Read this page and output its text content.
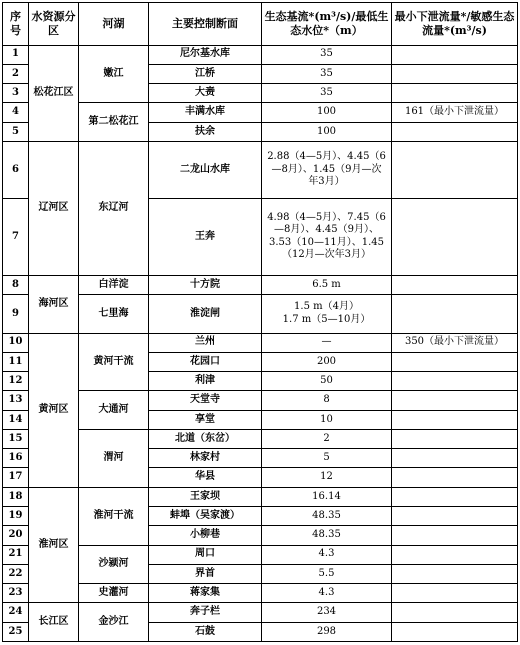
序号	水资源分区	河湖	主要控制断面	生态基流*(m³/s)/最低生态水位*（m）	最小下泄流量*/敏感生态流量*(m³/s)
1	松花江区	嫩江	尼尔基水库	35	
2			江桥	35	
3			大赉	35	
4		第二松花江	丰满水库	100	161（最小下泄流量）
5			扶余	100	
6	辽河区	东辽河	二龙山水库	2.88（4—5月）、4.45（6
—8月）、1.45（9月—次
年3月）	

7			王奔	4.98（4—5月）、7.45（6
—8月）、4.45（9月）、
3.53（10—11月）、1.45
（12月—次年3月）	

8	海河区	白洋淀	十方院	6.5 m	
9		七里海	淮淀闸	1.5 m（4月）
1.7 m（5—10月）	

10	黄河区	黄河干流	兰州	—	350（最小下泄流量）
11			花园口	200	
12			利津	50	
13		大通河	天堂寺	8	
14			享堂	10	
15		渭河	北道（东岔）	2	
16			林家村	5	
17			华县	12	
18	淮河区	淮河干流	王家坝	16.14	
19			蚌埠（吴家渡）	48.35	
20			小柳巷	48.35	
21		沙颍河	周口	4.3	
22			界首	5.5	
23		史灌河	蒋家集	4.3	
24	长江区	金沙江	奔子栏	234	
25			石鼓	298	
